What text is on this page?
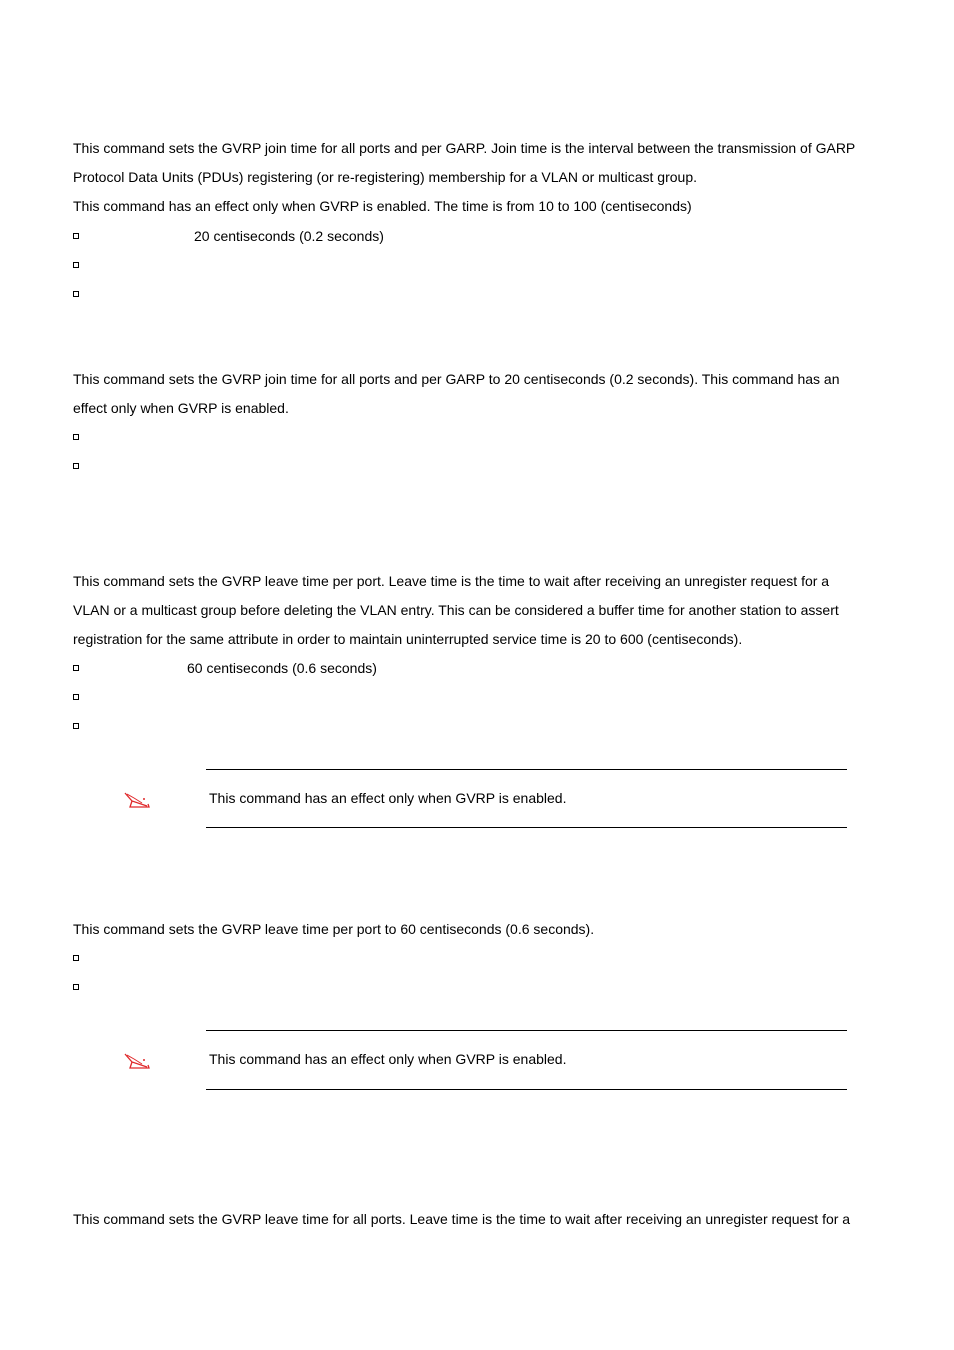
This command sets the GVRP join time for all ports and per GARP. Join time is the interval between the transmission of GARP
Protocol Data Units (PDUs) registering (or re-registering) membership for a VLAN or multicast group.
This command has an effect only when GVRP is enabled. The time is from 10 to 100 (centiseconds)
20 centiseconds (0.2 seconds)
This command sets the GVRP join time for all ports and per GARP to 20 centiseconds (0.2 seconds). This command has an
effect only when GVRP is enabled.
This command sets the GVRP leave time per port. Leave time is the time to wait after receiving an unregister request for a
VLAN or a multicast group before deleting the VLAN entry. This can be considered a buffer time for another station to assert
registration for the same attribute in order to maintain uninterrupted service time is 20 to 600 (centiseconds).
60 centiseconds (0.6 seconds)
This command has an effect only when GVRP is enabled.
This command sets the GVRP leave time per port to 60 centiseconds (0.6 seconds).
This command has an effect only when GVRP is enabled.
This command sets the GVRP leave time for all ports. Leave time is the time to wait after receiving an unregister request for a
